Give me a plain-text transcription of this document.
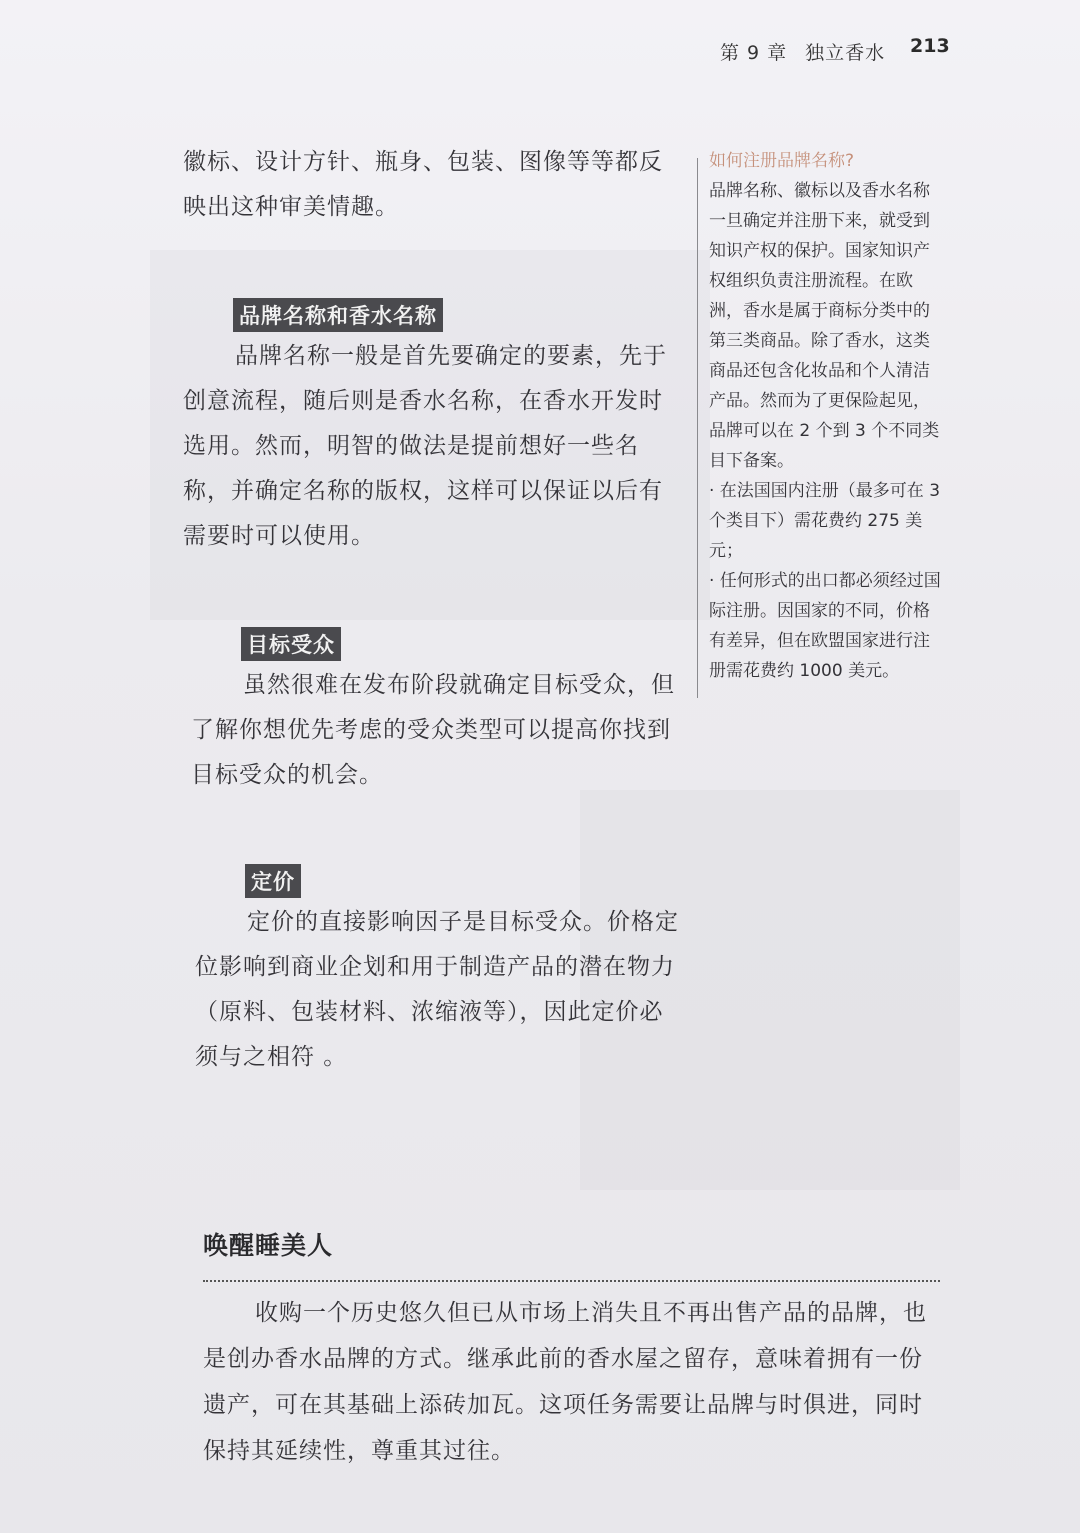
第 9 章 独立香水 213

徽标、设计方针、瓶身、包装、图像等等都反映出这种审美情趣。

品牌名称和香水名称

品牌名称一般是首先要确定的要素，先于创意流程，随后则是香水名称，在香水开发时选用。然而，明智的做法是提前想好一些名称，并确定名称的版权，这样可以保证以后有需要时可以使用。

目标受众

虽然很难在发布阶段就确定目标受众，但了解你想优先考虑的受众类型可以提高你找到目标受众的机会。

定价

定价的直接影响因子是目标受众。价格定位影响到商业企划和用于制造产品的潜在物力（原料、包装材料、浓缩液等），因此定价必须与之相符 。

如何注册品牌名称?

品牌名称、徽标以及香水名称一旦确定并注册下来，就受到知识产权的保护。国家知识产权组织负责注册流程。在欧洲，香水是属于商标分类中的第三类商品。除了香水，这类商品还包含化妆品和个人清洁产品。然而为了更保险起见，品牌可以在 2 个到 3 个不同类目下备案。

· 在法国国内注册（最多可在 3 个类目下）需花费约 275 美元；

· 任何形式的出口都必须经过国际注册。因国家的不同，价格有差异，但在欧盟国家进行注册需花费约 1000 美元。

唤醒睡美人

收购一个历史悠久但已从市场上消失且不再出售产品的品牌，也是创办香水品牌的方式。继承此前的香水屋之留存，意味着拥有一份遗产，可在其基础上添砖加瓦。这项任务需要让品牌与时俱进，同时保持其延续性，尊重其过往。
